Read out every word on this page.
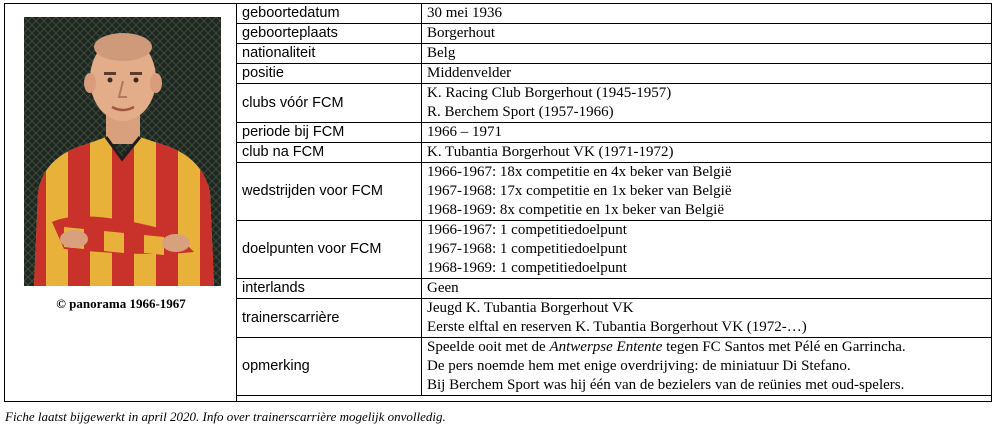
© panorama 1966-1967
geboortedatum	30 mei 1936

geboorteplaats	Borgerhout

nationaliteit	Belg

positie	Middenvelder

clubs vóór FCM	K. Racing Club Borgerhout (1945-1957)
R. Berchem Sport (1957-1966)

periode bij FCM	1966 – 1971

club na FCM	K. Tubantia Borgerhout VK (1971-1972)

wedstrijden voor FCM	1966-1967: 18x competitie en 4x beker van België
1967-1968: 17x competitie en 1x beker van België
1968-1969: 8x competitie en 1x beker van België

doelpunten voor FCM	1966-1967: 1 competitiedoelpunt
1967-1968: 1 competitiedoelpunt
1968-1969: 1 competitiedoelpunt

interlands	Geen

trainerscarrière	Jeugd K. Tubantia Borgerhout VK
Eerste elftal en reserven K. Tubantia Borgerhout VK (1972-…)

opmerking	Speelde ooit met de Antwerpse Entente tegen FC Santos met Pélé en Garrincha.
De pers noemde hem met enige overdrijving: de miniatuur Di Stefano.
Bij Berchem Sport was hij één van de bezielers van de reünies met oud-spelers.
Fiche laatst bijgewerkt in april 2020. Info over trainerscarrière mogelijk onvolledig.
